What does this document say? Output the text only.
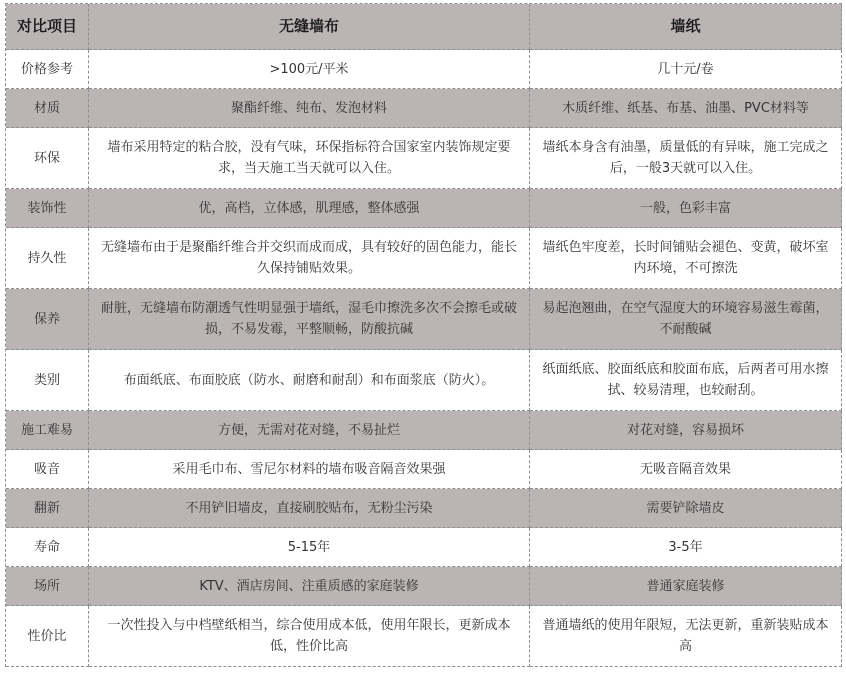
对比项目	无缝墙布	墙纸
价格参考	>100元/平米	几十元/卷
材质	聚酯纤维、纯布、发泡材料	木质纤维、纸基、布基、油墨、PVC材料等
环保	墙布采用特定的粘合胶，没有气味，环保指标符合国家室内装饰规定要求，当天施工当天就可以入住。	墙纸本身含有油墨，质量低的有异味，施工完成之后，一般3天就可以入住。
装饰性	优，高档，立体感，肌理感，整体感强	一般，色彩丰富
持久性	无缝墙布由于是聚酯纤维合并交织而成而成，具有较好的固色能力，能长久保持铺贴效果。	墙纸色牢度差，长时间铺贴会褪色、变黄，破坏室内环境，不可擦洗
保养	耐脏，无缝墙布防潮透气性明显强于墙纸，湿毛巾擦洗多次不会擦毛或破损，不易发霉，平整顺畅，防酸抗碱	易起泡翘曲，在空气湿度大的环境容易滋生霉菌，不耐酸碱
类别	布面纸底、布面胶底（防水、耐磨和耐刮）和布面浆底（防火）。	纸面纸底、胶面纸底和胶面布底，后两者可用水擦拭、较易清理，也较耐刮。
施工难易	方便，无需对花对缝，不易扯烂	对花对缝，容易损坏
吸音	采用毛巾布、雪尼尔材料的墙布吸音隔音效果强	无吸音隔音效果
翻新	不用铲旧墙皮，直接刷胶贴布，无粉尘污染	需要铲除墙皮
寿命	5-15年	3-5年
场所	KTV、酒店房间、注重质感的家庭装修	普通家庭装修
性价比	一次性投入与中档壁纸相当，综合使用成本低，使用年限长，更新成本低，性价比高	普通墙纸的使用年限短，无法更新，重新装贴成本高
